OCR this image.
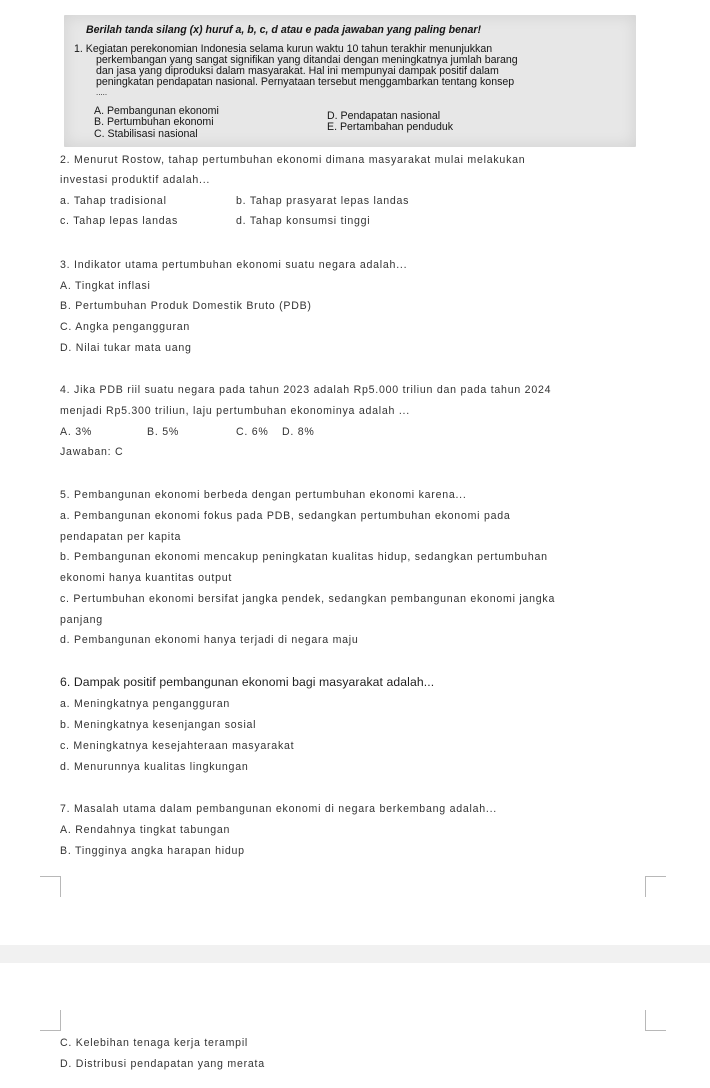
Berilah tanda silang (x) huruf a, b, c, d atau e pada jawaban yang paling benar!
1. Kegiatan perekonomian Indonesia selama kurun waktu 10 tahun terakhir menunjukkan
perkembangan yang sangat signifikan yang ditandai dengan meningkatnya jumlah barang
dan jasa yang diproduksi dalam masyarakat. Hal ini mempunyai dampak positif dalam
peningkatan pendapatan nasional. Pernyataan tersebut menggambarkan tentang konsep
.....
A. Pembangunan ekonomi
B. Pertumbuhan ekonomi
C. Stabilisasi nasional
D. Pendapatan nasional
E. Pertambahan penduduk
2. Menurut Rostow, tahap pertumbuhan ekonomi dimana masyarakat mulai melakukan
investasi produktif adalah...
a. Tahap tradisional	b. Tahap prasyarat lepas landas
c. Tahap lepas landas	d. Tahap konsumsi tinggi
3. Indikator utama pertumbuhan ekonomi suatu negara adalah...
A. Tingkat inflasi
B. Pertumbuhan Produk Domestik Bruto (PDB)
C. Angka pengangguran
D. Nilai tukar mata uang
4. Jika PDB riil suatu negara pada tahun 2023 adalah Rp5.000 triliun dan pada tahun 2024
menjadi Rp5.300 triliun, laju pertumbuhan ekonominya adalah ...
A. 3%	B. 5%	C. 6% D. 8%
Jawaban: C
5. Pembangunan ekonomi berbeda dengan pertumbuhan ekonomi karena...
a. Pembangunan ekonomi fokus pada PDB, sedangkan pertumbuhan ekonomi pada
pendapatan per kapita
b. Pembangunan ekonomi mencakup peningkatan kualitas hidup, sedangkan pertumbuhan
ekonomi hanya kuantitas output
c. Pertumbuhan ekonomi bersifat jangka pendek, sedangkan pembangunan ekonomi jangka
panjang
d. Pembangunan ekonomi hanya terjadi di negara maju
6. Dampak positif pembangunan ekonomi bagi masyarakat adalah...
a. Meningkatnya pengangguran
b. Meningkatnya kesenjangan sosial
c. Meningkatnya kesejahteraan masyarakat
d. Menurunnya kualitas lingkungan
7. Masalah utama dalam pembangunan ekonomi di negara berkembang adalah...
A. Rendahnya tingkat tabungan
B. Tingginya angka harapan hidup
C. Kelebihan tenaga kerja terampil
D. Distribusi pendapatan yang merata
